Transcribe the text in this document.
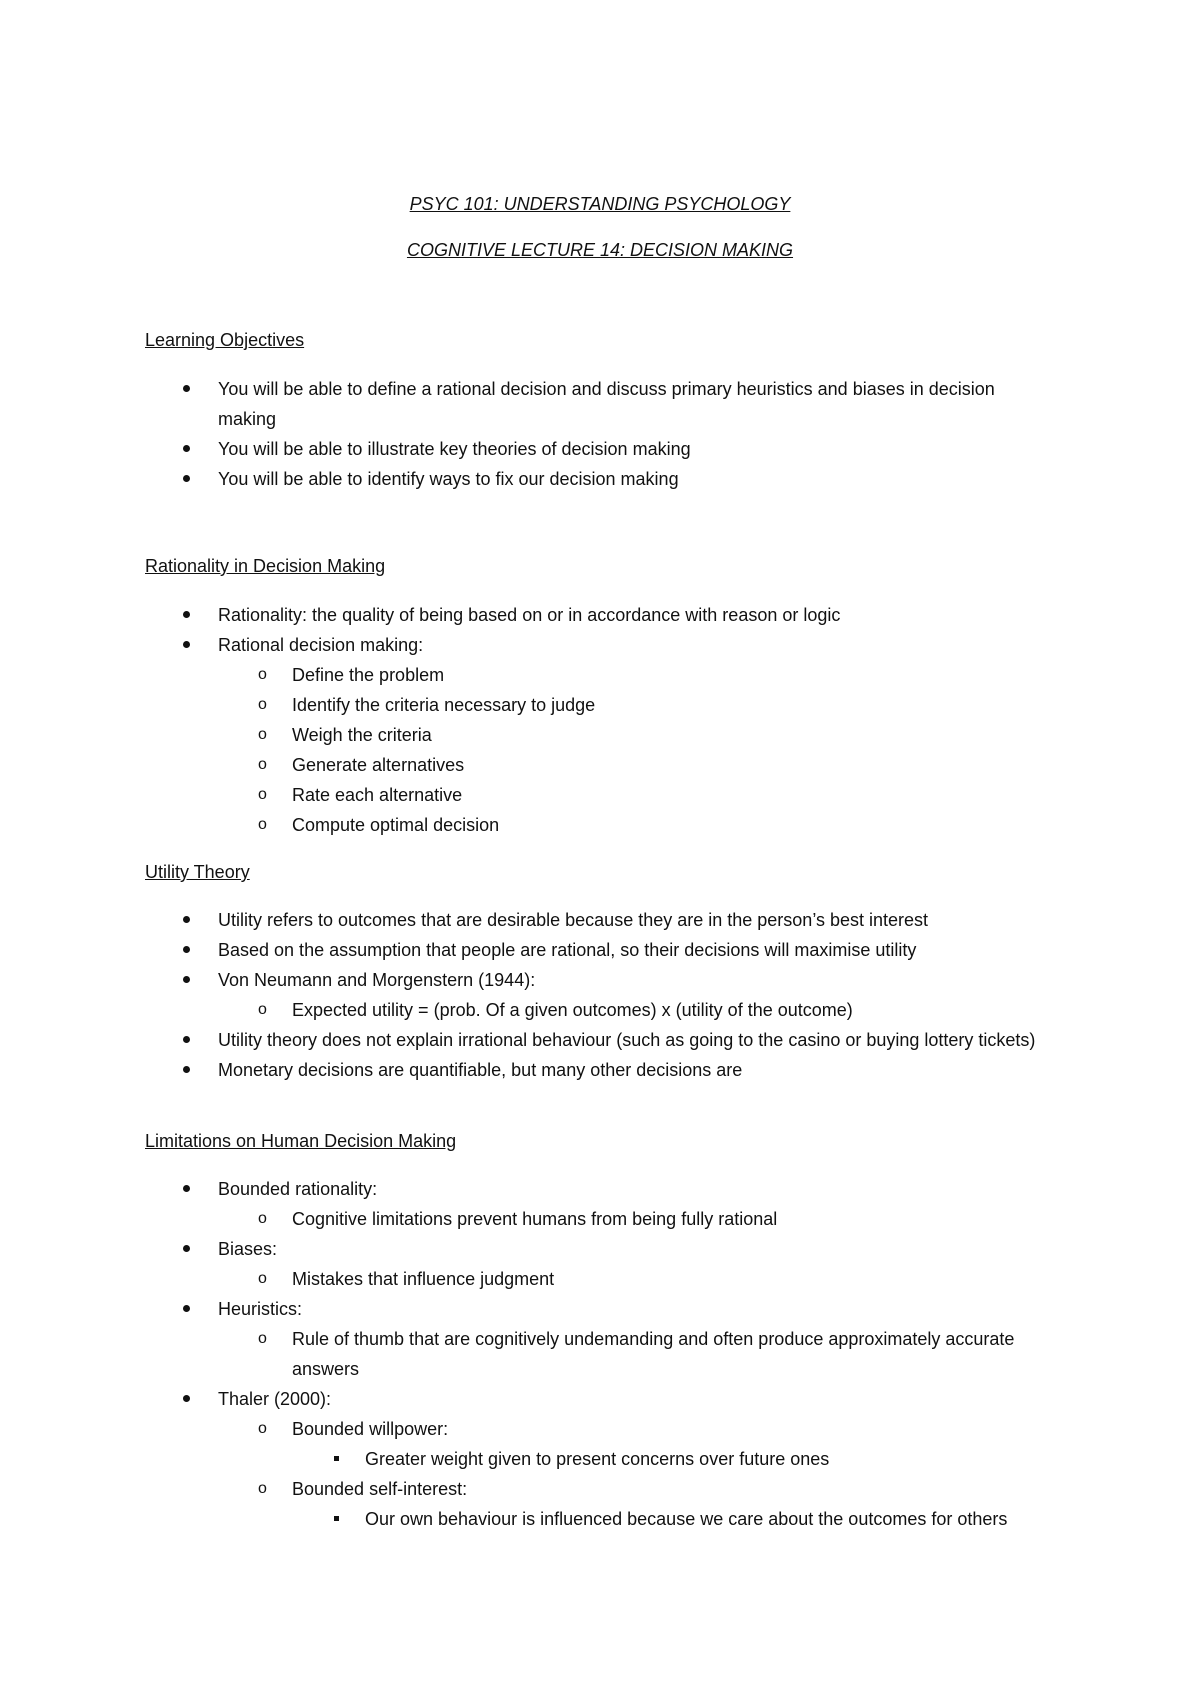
PSYC 101: UNDERSTANDING PSYCHOLOGY
COGNITIVE LECTURE 14: DECISION MAKING
Learning Objectives
You will be able to define a rational decision and discuss primary heuristics and biases in decision making
You will be able to illustrate key theories of decision making
You will be able to identify ways to fix our decision making
Rationality in Decision Making
Rationality: the quality of being based on or in accordance with reason or logic
Rational decision making:
o Define the problem
o Identify the criteria necessary to judge
o Weigh the criteria
o Generate alternatives
o Rate each alternative
o Compute optimal decision
Utility Theory
Utility refers to outcomes that are desirable because they are in the person’s best interest
Based on the assumption that people are rational, so their decisions will maximise utility
Von Neumann and Morgenstern (1944):
o Expected utility = (prob. Of a given outcomes) x (utility of the outcome)
Utility theory does not explain irrational behaviour (such as going to the casino or buying lottery tickets)
Monetary decisions are quantifiable, but many other decisions are
Limitations on Human Decision Making
Bounded rationality:
o Cognitive limitations prevent humans from being fully rational
Biases:
o Mistakes that influence judgment
Heuristics:
o Rule of thumb that are cognitively undemanding and often produce approximately accurate answers
Thaler (2000):
o Bounded willpower:
Greater weight given to present concerns over future ones
o Bounded self-interest:
Our own behaviour is influenced because we care about the outcomes for others
